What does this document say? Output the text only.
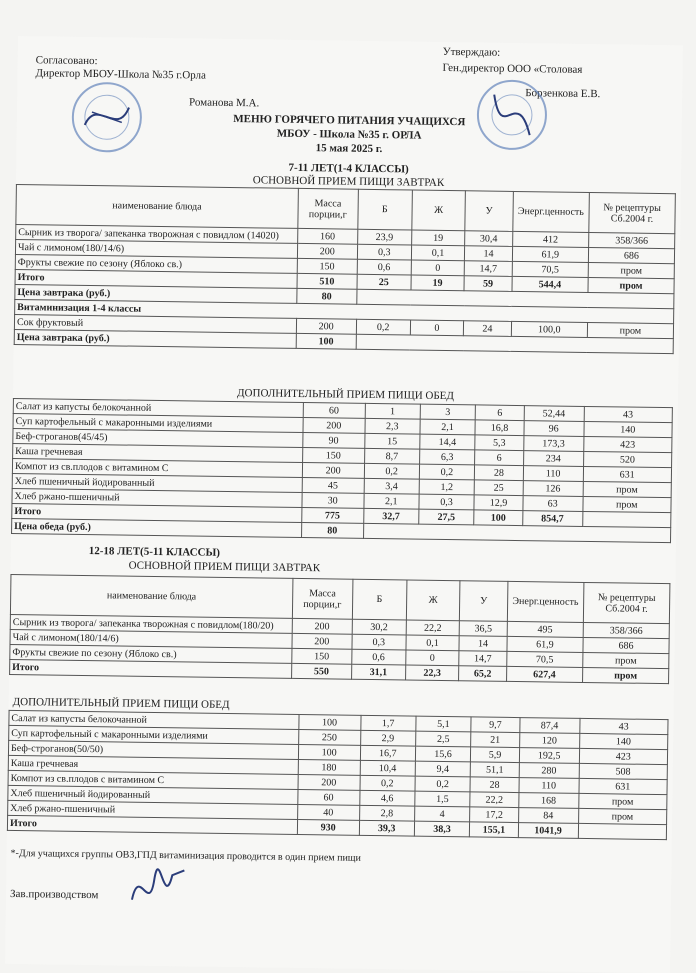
Согласовано:
Директор МБОУ-Школа №35 г.Орла
Романова М.А.
Утверждаю:
Ген.директор ООО «Столовая
Борзенкова Е.В.
МЕНЮ ГОРЯЧЕГО ПИТАНИЯ УЧАЩИХСЯ
МБОУ - Школа №35 г. ОРЛА
15 мая 2025 г.
7-11 ЛЕТ(1-4 КЛАССЫ)
ОСНОВНОЙ ПРИЕМ ПИЩИ ЗАВТРАК
наименование блюда	Масса порции,г	Б	Ж	У	Энерг.ценность	№ рецептуры Сб.2004 г.
Сырник из творога/ запеканка творожная с повидлом (14020)	160	23,9	19	30,4	412	358/366
Чай с лимоном(180/14/6)	200	0,3	0,1	14	61,9	686
Фрукты свежие по сезону (Яблоко св.)	150	0,6	0	14,7	70,5	пром
Итого	510	25	19	59	544,4	пром
Цена завтрака (руб.)	80					
Витаминизация 1-4 классы						
Сок фруктовый	200	0,2	0	24	100,0	пром
Цена завтрака (руб.)	100					
ДОПОЛНИТЕЛЬНЫЙ ПРИЕМ ПИЩИ ОБЕД
Салат из капусты белокочанной	60	1	3	6	52,44	43
Суп картофельный с макаронными изделиями	200	2,3	2,1	16,8	96	140
Беф-строганов(45/45)	90	15	14,4	5,3	173,3	423
Каша гречневая	150	8,7	6,3	6	234	520
Компот из св.плодов с витамином С	200	0,2	0,2	28	110	631
Хлеб пшеничный йодированный	45	3,4	1,2	25	126	пром
Хлеб ржано-пшеничный	30	2,1	0,3	12,9	63	пром
Итого	775	32,7	27,5	100	854,7	
Цена обеда (руб.)	80					
12-18 ЛЕТ(5-11 КЛАССЫ)
ОСНОВНОЙ ПРИЕМ ПИЩИ ЗАВТРАК
наименование блюда	Масса порции,г	Б	Ж	У	Энерг.ценность	№ рецептуры Сб.2004 г.
Сырник из творога/ запеканка творожная с повидлом(180/20)	200	30,2	22,2	36,5	495	358/366
Чай с лимоном(180/14/6)	200	0,3	0,1	14	61,9	686
Фрукты свежие по сезону (Яблоко св.)	150	0,6	0	14,7	70,5	пром
Итого	550	31,1	22,3	65,2	627,4	пром
ДОПОЛНИТЕЛЬНЫЙ ПРИЕМ ПИЩИ ОБЕД
Салат из капусты белокочанной	100	1,7	5,1	9,7	87,4	43
Суп картофельный с макаронными изделиями	250	2,9	2,5	21	120	140
Беф-строганов(50/50)	100	16,7	15,6	5,9	192,5	423
Каша гречневая	180	10,4	9,4	51,1	280	508
Компот из св.плодов с витамином С	200	0,2	0,2	28	110	631
Хлеб пшеничный йодированный	60	4,6	1,5	22,2	168	пром
Хлеб ржано-пшеничный	40	2,8	4	17,2	84	пром
Итого	930	39,3	38,3	155,1	1041,9	
*-Для учащихся группы ОВЗ,ГПД витаминизация проводится в один прием пищи
Зав.производством
